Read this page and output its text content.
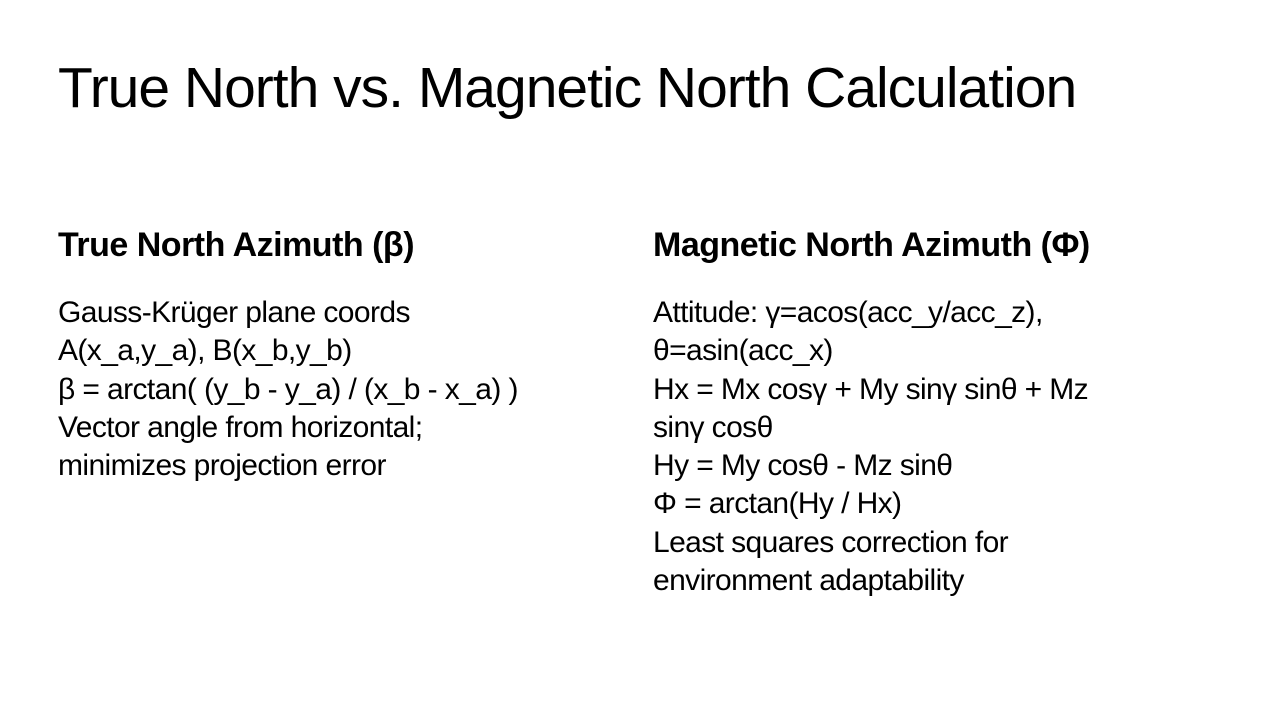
True North vs. Magnetic North Calculation
True North Azimuth (β)
Gauss-Krüger plane coords
A(x_a,y_a), B(x_b,y_b)
β = arctan( (y_b - y_a) / (x_b - x_a) )
Vector angle from horizontal;
minimizes projection error
Magnetic North Azimuth (Φ)
Attitude: γ=acos(acc_y/acc_z),
θ=asin(acc_x)
Hx = Mx cosγ + My sinγ sinθ + Mz
sinγ cosθ
Hy = My cosθ - Mz sinθ
Φ = arctan(Hy / Hx)
Least squares correction for
environment adaptability
